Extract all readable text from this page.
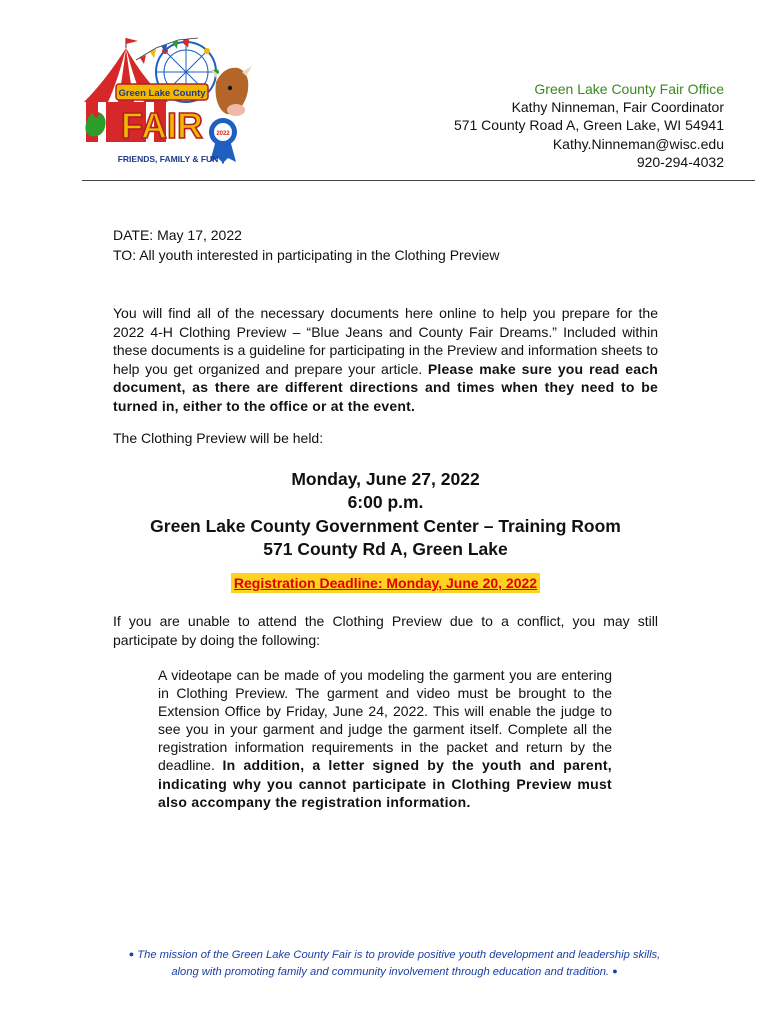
Green Lake County
FAIR 2022
FRIENDS, FAMILY & FUN
Green Lake County Fair Office
Kathy Ninneman, Fair Coordinator
571 County Road A, Green Lake, WI 54941
Kathy.Ninneman@wisc.edu
920-294-4032
DATE: May 17, 2022
TO: All youth interested in participating in the Clothing Preview
You will find all of the necessary documents here online to help you prepare for the 2022 4-H Clothing Preview – “Blue Jeans and County Fair Dreams.” Included within these documents is a guideline for participating in the Preview and information sheets to help you get organized and prepare your article. Please make sure you read each document, as there are different directions and times when they need to be turned in, either to the office or at the event.
The Clothing Preview will be held:
Monday, June 27, 2022
6:00 p.m.
Green Lake County Government Center – Training Room
571 County Rd A, Green Lake
Registration Deadline: Monday, June 20, 2022
If you are unable to attend the Clothing Preview due to a conflict, you may still participate by doing the following:
A videotape can be made of you modeling the garment you are entering in Clothing Preview. The garment and video must be brought to the Extension Office by Friday, June 24, 2022. This will enable the judge to see you in your garment and judge the garment itself. Complete all the registration information requirements in the packet and return by the deadline. In addition, a letter signed by the youth and parent, indicating why you cannot participate in Clothing Preview must also accompany the registration information.
● The mission of the Green Lake County Fair is to provide positive youth development and leadership skills,
along with promoting family and community involvement through education and tradition. ●
